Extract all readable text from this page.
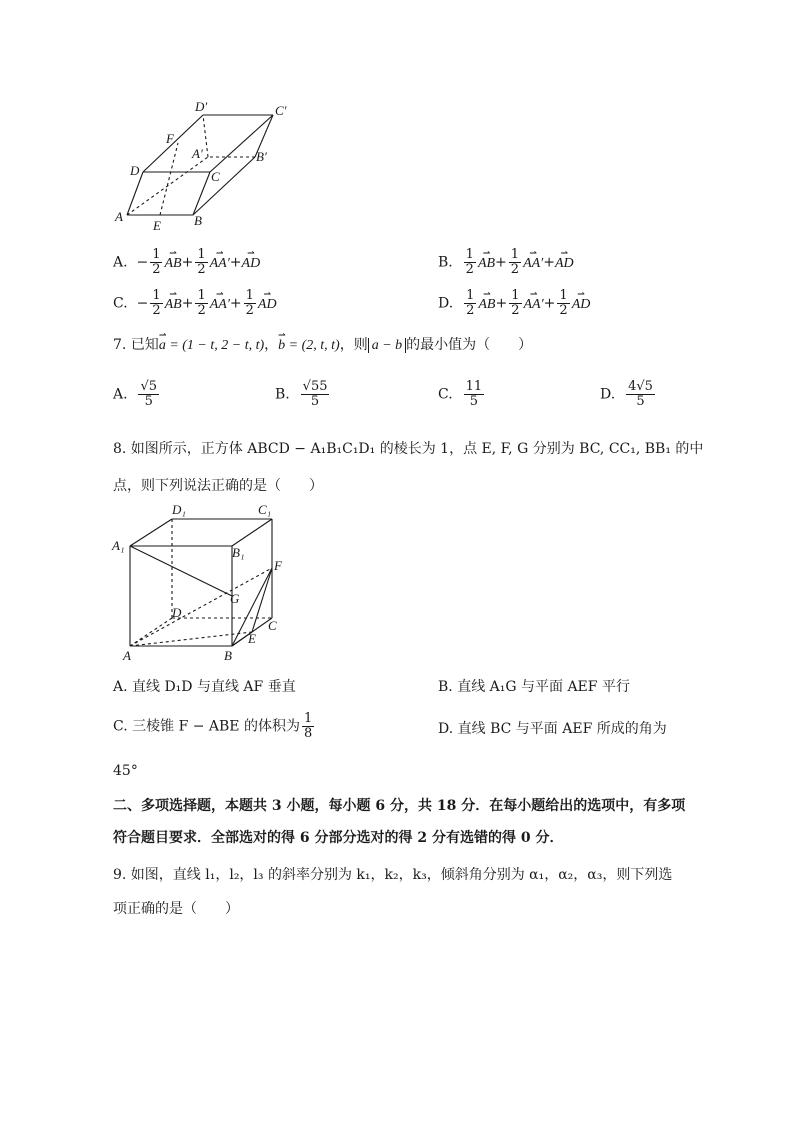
D′	C′
F
A′	B′
D	C
A	B
E
A.  − $\frac{1}{2}$ ⇀ $AB+ \frac{1}{2}$ ⇀ AA′+⇀ AD	B. $\frac{1}{2}$ ⇀ $AB+ \frac{1}{2}$ ⇀ AA′+⇀ AD
C.  − $\frac{1}{2}$ ⇀ $AB+ \frac{1}{2}$ ⇀ $AA'+ \frac{1}{2}$ ⇀ AD	D. $\frac{1}{2}$ ⇀ $AB+ \frac{1}{2}$ ⇀ $AA'+ \frac{1}{2}$ ⇀ AD
7. 已知⇀ a = (1 − t, 2 − t, t)，⇀ b = (2, t, t)，则 a − b 的最小值为（　　）
A. $\frac{√5}{5}$	B. $\frac{√55}{5}$	C. $\frac{11}{5}$	D. $\frac{4√5}{5}$
8. 如图所示，正方体 ABCD − A₁B₁C₁D₁ 的棱长为 1，点 E, F, G 分别为 BC, CC₁, BB₁ 的中
点，则下列说法正确的是（　　）
D₁	C₁
A₁	B₁
F
G
D
C
E
A	B
A. 直线 D₁D 与直线 AF 垂直	B. 直线 A₁G 与平面 AEF 平行
C. 三棱锥 F − ABE 的体积为 $\frac{1}{8}$	D. 直线 BC 与平面 AEF 所成的角为
45°
二、多项选择题，本题共 3 小题，每小题 6 分，共 18 分．在每小题给出的选项中，有多项
符合题目要求．全部选对的得 6 分部分选对的得 2 分有选错的得 0 分．
9. 如图，直线 l₁，l₂，l₃ 的斜率分别为 k₁，k₂，k₃，倾斜角分别为 α₁，α₂，α₃，则下列选
项正确的是（　　）
